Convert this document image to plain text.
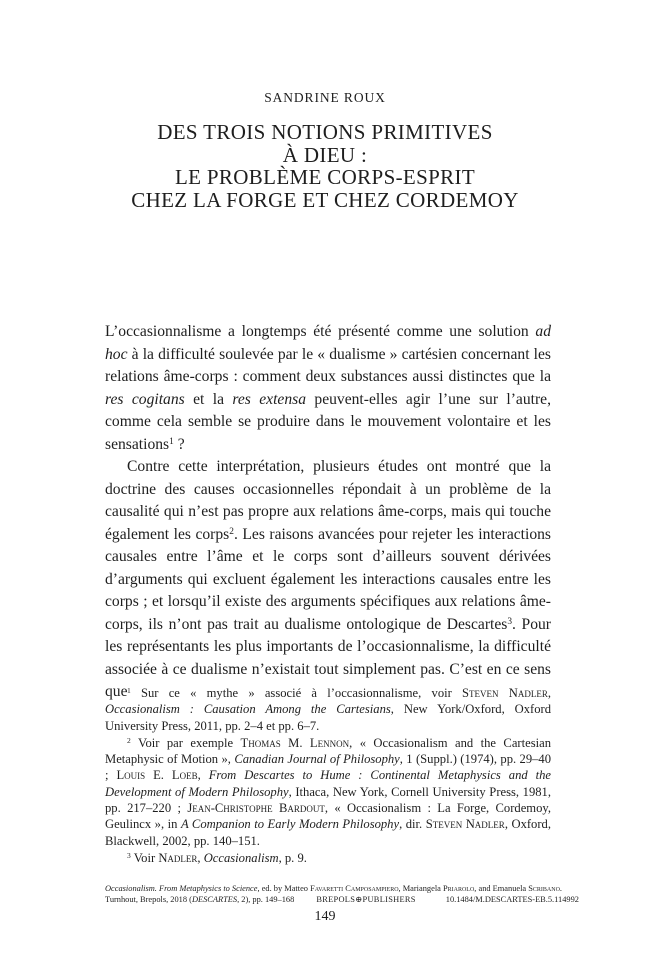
SANDRINE ROUX
DES TROIS NOTIONS PRIMITIVES
À DIEU :
LE PROBLÈME CORPS-ESPRIT
CHEZ LA FORGE ET CHEZ CORDEMOY

L’occasionnalisme a longtemps été présenté comme une solution ad hoc à la difficulté soulevée par le « dualisme » cartésien concernant les relations âme-corps : comment deux substances aussi distinctes que la res cogitans et la res extensa peuvent-elles agir l’une sur l’autre, comme cela semble se produire dans le mouvement volontaire et les sensations$^1$ ?

Contre cette interprétation, plusieurs études ont montré que la doctrine des causes occasionnelles répondait à un problème de la causalité qui n’est pas propre aux relations âme-corps, mais qui touche également les corps$^2$. Les raisons avancées pour rejeter les interactions causales entre l’âme et le corps sont d’ailleurs souvent dérivées d’arguments qui excluent également les interactions causales entre les corps ; et lorsqu’il existe des arguments spécifiques aux relations âme-corps, ils n’ont pas trait au dualisme ontologique de Descartes$^3$. Pour les représentants les plus importants de l’occasionnalisme, la difficulté associée à ce dualisme n’existait tout simplement pas. C’est en ce sens que $^1$ Sur ce « mythe » associé à l’occasionnalisme, voir Steven Nadler, Occasionalism : Causation Among the Cartesians, New York/Oxford, Oxford University Press, 2011, pp. 2–4 et pp. 6–7.

$^2$ Voir par exemple Thomas M. Lennon, « Occasionalism and the Cartesian Metaphysic of Motion », Canadian Journal of Philosophy, 1 (Suppl.) (1974), pp. 29–40 ; Louis E. Loeb, From Descartes to Hume : Continental Metaphysics and the Development of Modern Philosophy, Ithaca, New York, Cornell University Press, 1981, pp. 217–220 ; Jean-Christophe Bardout, « Occasionalism : La Forge, Cordemoy, Geulincx », in A Companion to Early Modern Philosophy, dir. Steven Nadler, Oxford, Blackwell, 2002, pp. 140–151.

$^3$ Voir Nadler, Occasionalism, p. 9.

Occasionalism. From Metaphysics to Science, ed. by Matteo Favaretti Camposampiero, Mariangela Priarolo, and Emanuela Scribano.
Turnhout, Brepols, 2018 (DESCARTES, 2), pp. 149–168	BREPOLS⊕PUBLISHERS	10.1484/M.DESCARTES-EB.5.114992
149
